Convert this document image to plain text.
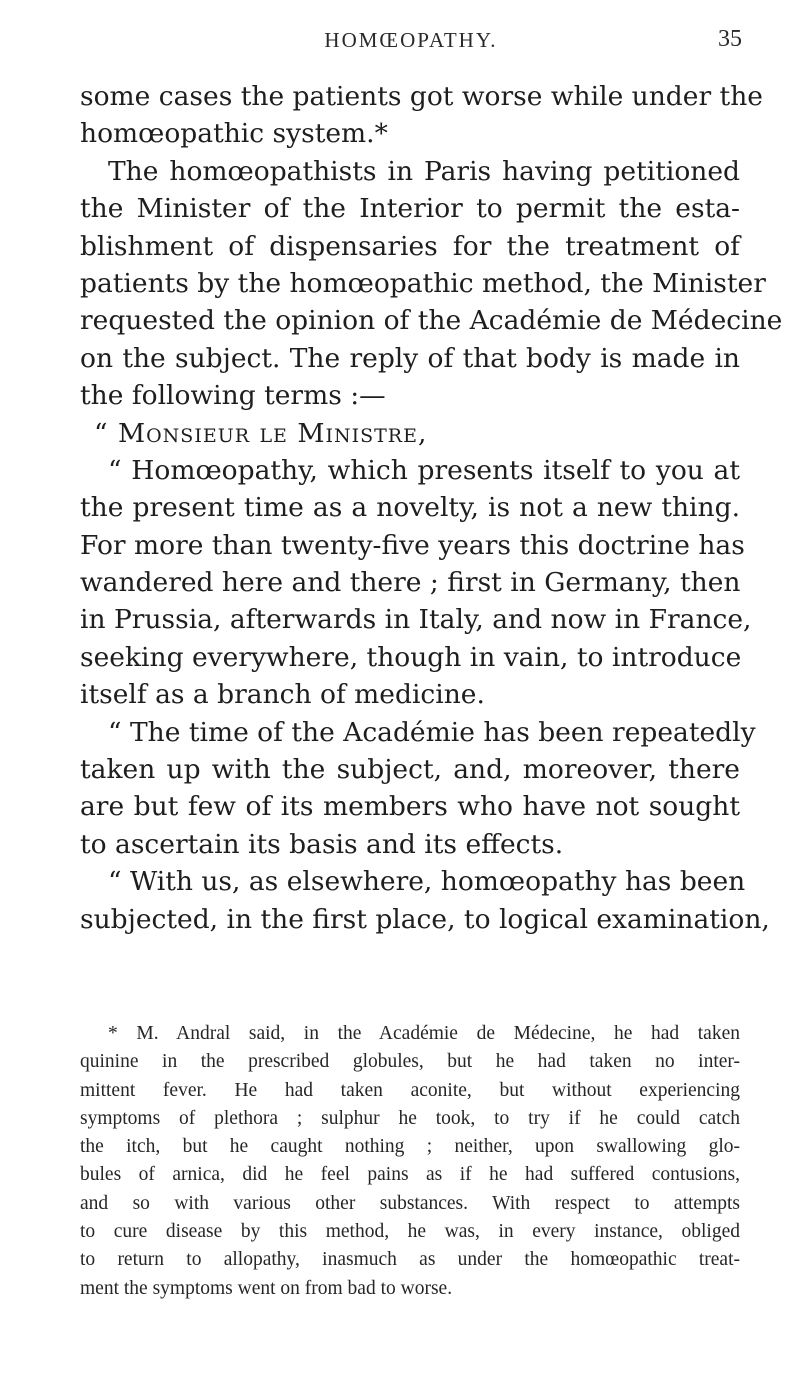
HOMŒOPATHY.	35
some cases the patients got worse while under the
homœopathic system.*
The homœopathists in Paris having petitioned
the Minister of the Interior to permit the esta-
blishment of dispensaries for the treatment of
patients by the homœopathic method, the Minister
requested the opinion of the Académie de Médecine
on the subject. The reply of that body is made in
the following terms :—
“ Monsieur le Ministre,
“ Homœopathy, which presents itself to you at
the present time as a novelty, is not a new thing.
For more than twenty-five years this doctrine has
wandered here and there ; first in Germany, then
in Prussia, afterwards in Italy, and now in France,
seeking everywhere, though in vain, to introduce
itself as a branch of medicine.
“ The time of the Académie has been repeatedly
taken up with the subject, and, moreover, there
are but few of its members who have not sought
to ascertain its basis and its effects.
“ With us, as elsewhere, homœopathy has been
subjected, in the first place, to logical examination,
* M. Andral said, in the Académie de Médecine, he had taken
quinine in the prescribed globules, but he had taken no inter-
mittent fever. He had taken aconite, but without experiencing
symptoms of plethora ; sulphur he took, to try if he could catch
the itch, but he caught nothing ; neither, upon swallowing glo-
bules of arnica, did he feel pains as if he had suffered contusions,
and so with various other substances. With respect to attempts
to cure disease by this method, he was, in every instance, obliged
to return to allopathy, inasmuch as under the homœopathic treat-
ment the symptoms went on from bad to worse.
